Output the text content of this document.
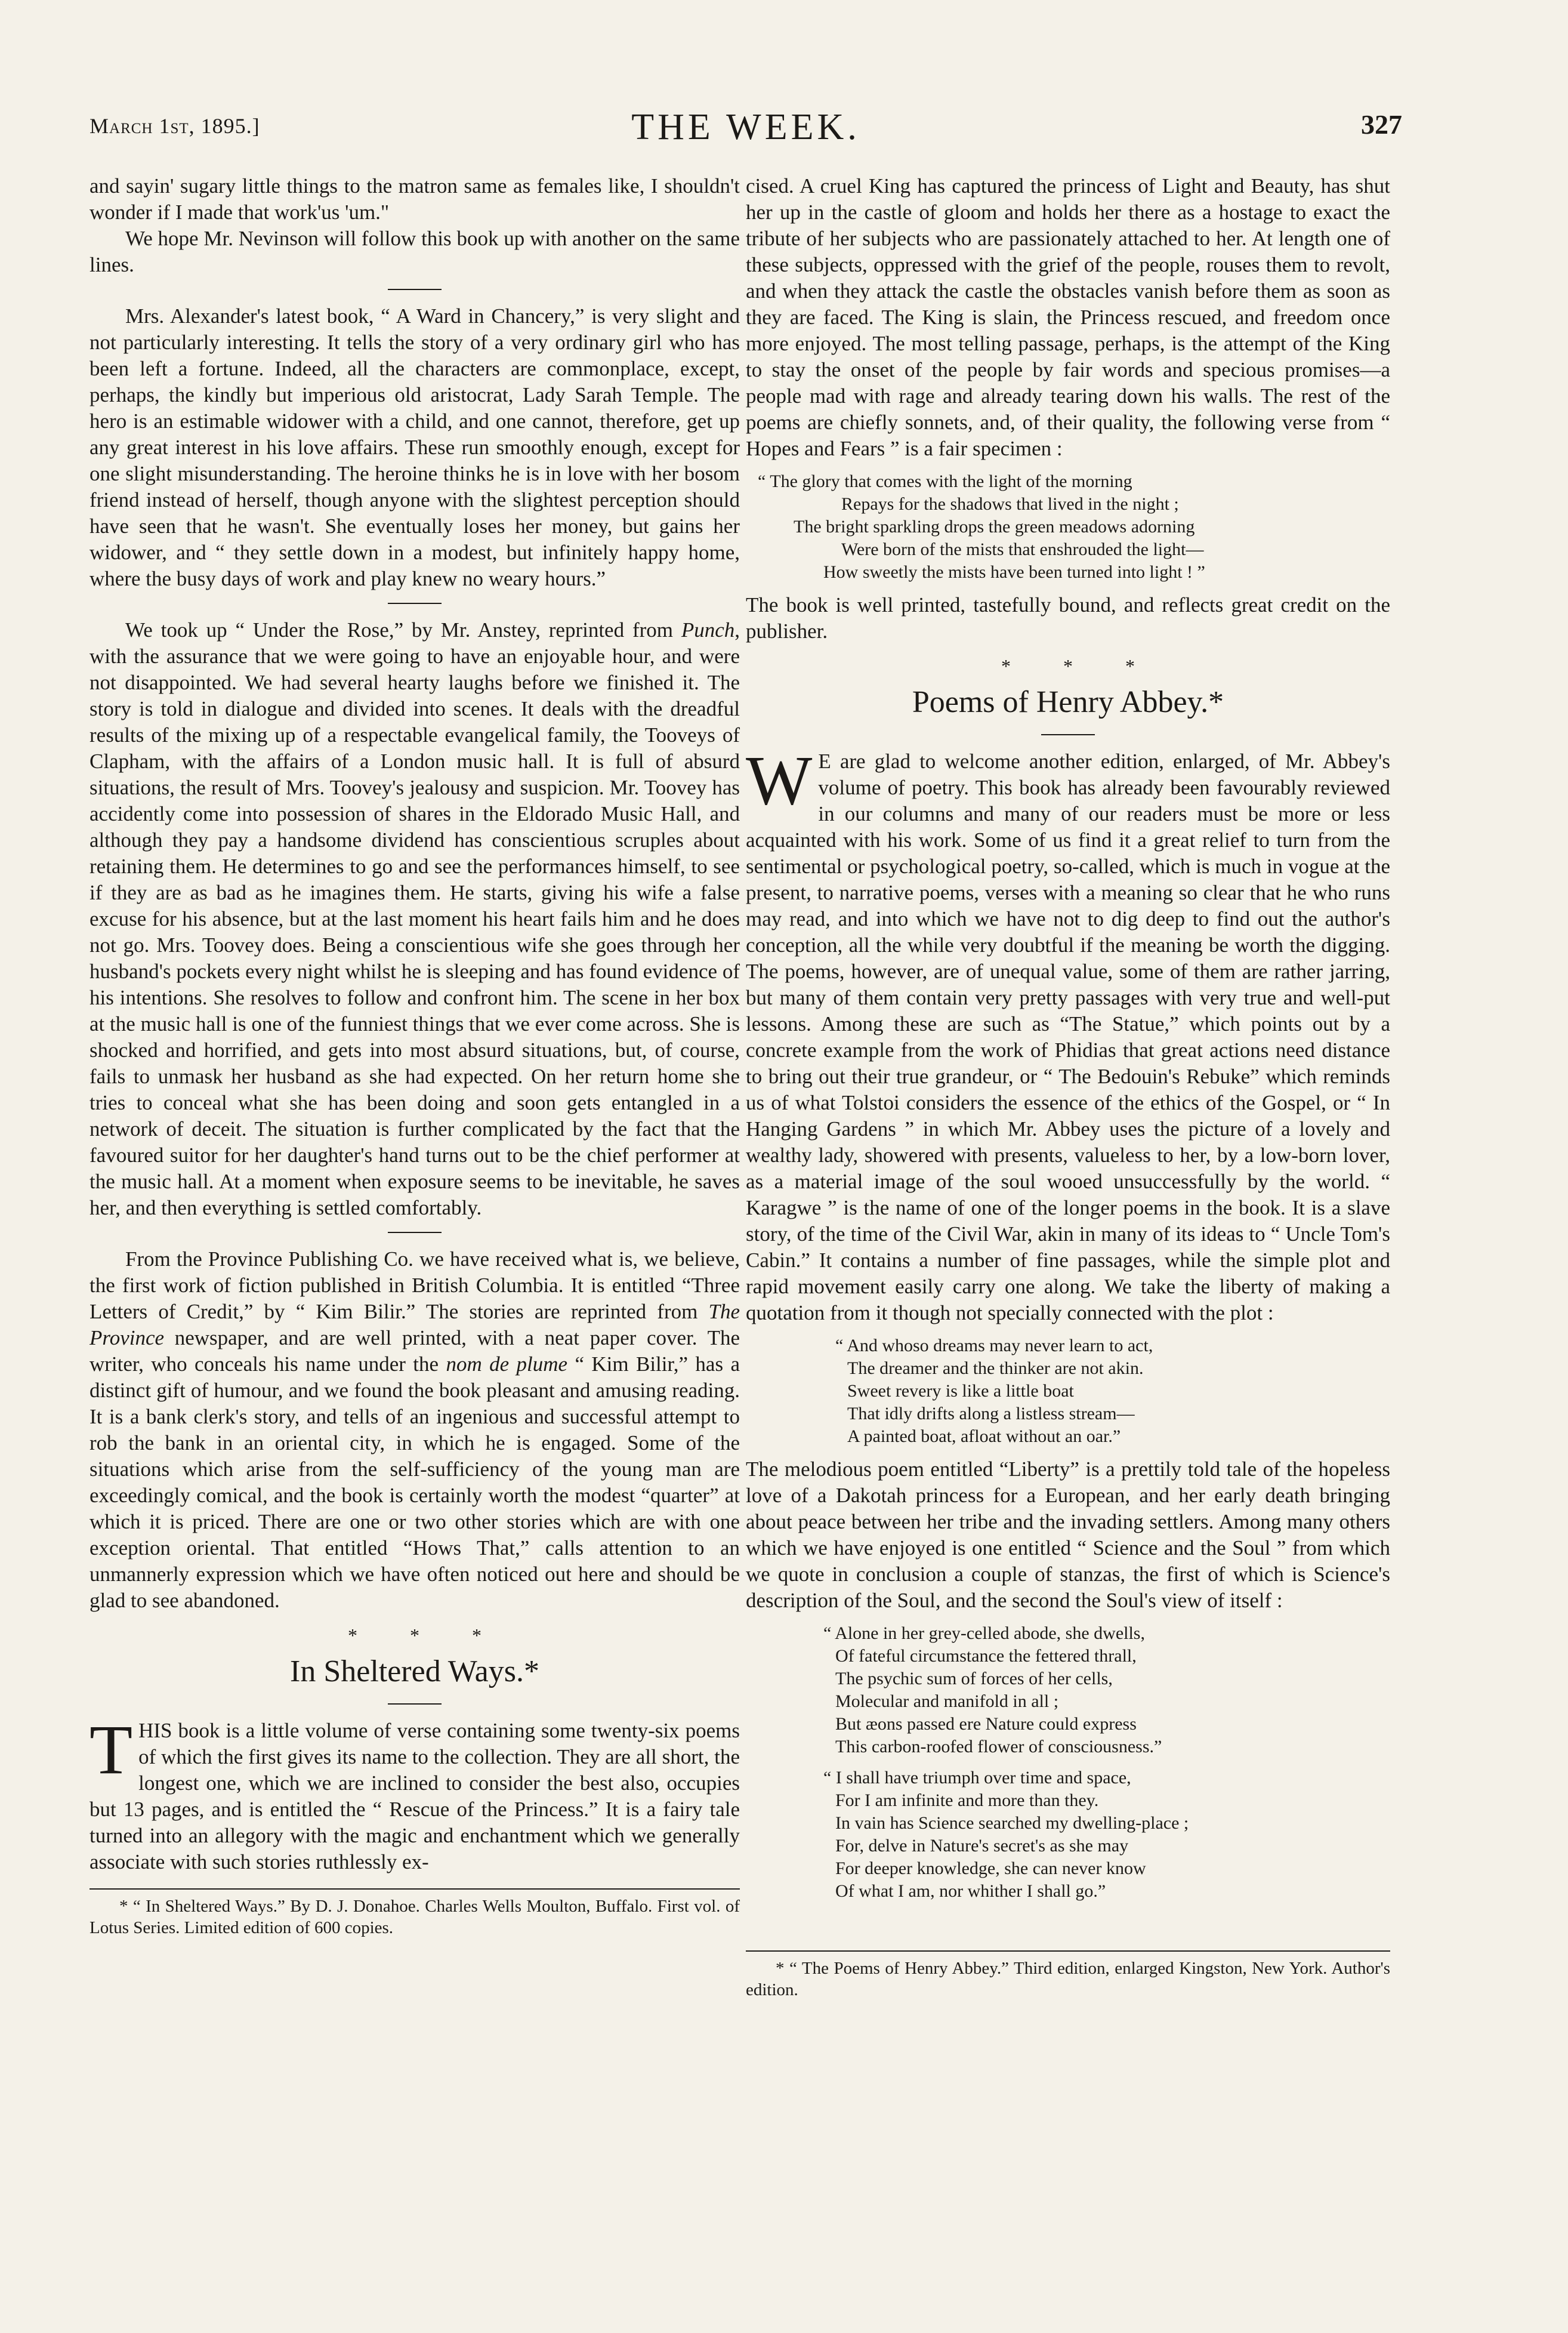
March 1st, 1895.]	THE WEEK.	327

and sayin' sugary little things to the matron same as females like, I shouldn't wonder if I made that work'us 'um."

We hope Mr. Nevinson will follow this book up with another on the same lines.

Mrs. Alexander's latest book, “ A Ward in Chancery,” is very slight and not particularly interesting. It tells the story of a very ordinary girl who has been left a fortune. Indeed, all the characters are commonplace, except, perhaps, the kindly but imperious old aristocrat, Lady Sarah Temple. The hero is an estimable widower with a child, and one cannot, therefore, get up any great interest in his love affairs. These run smoothly enough, except for one slight misunderstanding. The heroine thinks he is in love with her bosom friend instead of herself, though anyone with the slightest perception should have seen that he wasn't. She eventually loses her money, but gains her widower, and “ they settle down in a modest, but infinitely happy home, where the busy days of work and play knew no weary hours.”

We took up “ Under the Rose,” by Mr. Anstey, reprinted from Punch, with the assurance that we were going to have an enjoyable hour, and were not disappointed. We had several hearty laughs before we finished it. The story is told in dialogue and divided into scenes. It deals with the dreadful results of the mixing up of a respectable evangelical family, the Tooveys of Clapham, with the affairs of a London music hall. It is full of absurd situations, the result of Mrs. Toovey's jealousy and suspicion. Mr. Toovey has accidently come into possession of shares in the Eldorado Music Hall, and although they pay a handsome dividend has conscientious scruples about retaining them. He determines to go and see the performances himself, to see if they are as bad as he imagines them. He starts, giving his wife a false excuse for his absence, but at the last moment his heart fails him and he does not go. Mrs. Toovey does. Being a conscientious wife she goes through her husband's pockets every night whilst he is sleeping and has found evidence of his intentions. She resolves to follow and confront him. The scene in her box at the music hall is one of the funniest things that we ever come across. She is shocked and horrified, and gets into most absurd situations, but, of course, fails to unmask her husband as she had expected. On her return home she tries to conceal what she has been doing and soon gets entangled in a network of deceit. The situation is further complicated by the fact that the favoured suitor for her daughter's hand turns out to be the chief performer at the music hall. At a moment when exposure seems to be inevitable, he saves her, and then everything is settled comfortably.

From the Province Publishing Co. we have received what is, we believe, the first work of fiction published in British Columbia. It is entitled “Three Letters of Credit,” by “ Kim Bilir.” The stories are reprinted from The Province newspaper, and are well printed, with a neat paper cover. The writer, who conceals his name under the nom de plume “ Kim Bilir,” has a distinct gift of humour, and we found the book pleasant and amusing reading. It is a bank clerk's story, and tells of an ingenious and successful attempt to rob the bank in an oriental city, in which he is engaged. Some of the situations which arise from the self-sufficiency of the young man are exceedingly comical, and the book is certainly worth the modest “quarter” at which it is priced. There are one or two other stories which are with one exception oriental. That entitled “Hows That,” calls attention to an unmannerly expression which we have often noticed out here and should be glad to see abandoned.

* * *
In Sheltered Ways.*

THIS book is a little volume of verse containing some twenty-six poems of which the first gives its name to the collection. They are all short, the longest one, which we are inclined to consider the best also, occupies but 13 pages, and is entitled the “ Rescue of the Princess.” It is a fairy tale turned into an allegory with the magic and enchantment which we generally associate with such stories ruthlessly ex-

* “ In Sheltered Ways.” By D. J. Donahoe. Charles Wells Moulton, Buffalo. First vol. of Lotus Series. Limited edition of 600 copies.

cised. A cruel King has captured the princess of Light and Beauty, has shut her up in the castle of gloom and holds her there as a hostage to exact the tribute of her subjects who are passionately attached to her. At length one of these subjects, oppressed with the grief of the people, rouses them to revolt, and when they attack the castle the obstacles vanish before them as soon as they are faced. The King is slain, the Princess rescued, and freedom once more enjoyed. The most telling passage, perhaps, is the attempt of the King to stay the onset of the people by fair words and specious promises—a people mad with rage and already tearing down his walls. The rest of the poems are chiefly sonnets, and, of their quality, the following verse from “ Hopes and Fears ” is a fair specimen :

“ The glory that comes with the light of the morning
Repays for the shadows that lived in the night ;
The bright sparkling drops the green meadows adorning
Were born of the mists that enshrouded the light—
How sweetly the mists have been turned into light ! ”

The book is well printed, tastefully bound, and reflects great credit on the publisher.

* * *
Poems of Henry Abbey.*

W E are glad to welcome another edition, enlarged, of Mr. Abbey's volume of poetry. This book has already been favourably reviewed in our columns and many of our readers must be more or less acquainted with his work. Some of us find it a great relief to turn from the sentimental or psychological poetry, so-called, which is much in vogue at the present, to narrative poems, verses with a meaning so clear that he who runs may read, and into which we have not to dig deep to find out the author's conception, all the while very doubtful if the meaning be worth the digging. The poems, however, are of unequal value, some of them are rather jarring, but many of them contain very pretty passages with very true and well-put lessons. Among these are such as “The Statue,” which points out by a concrete example from the work of Phidias that great actions need distance to bring out their true grandeur, or “ The Bedouin's Rebuke” which reminds us of what Tolstoi considers the essence of the ethics of the Gospel, or “ In Hanging Gardens ” in which Mr. Abbey uses the picture of a lovely and wealthy lady, showered with presents, valueless to her, by a low-born lover, as a material image of the soul wooed unsuccessfully by the world. “ Karagwe ” is the name of one of the longer poems in the book. It is a slave story, of the time of the Civil War, akin in many of its ideas to “ Uncle Tom's Cabin.” It contains a number of fine passages, while the simple plot and rapid movement easily carry one along. We take the liberty of making a quotation from it though not specially connected with the plot :

“ And whoso dreams may never learn to act,
The dreamer and the thinker are not akin.
Sweet revery is like a little boat
That idly drifts along a listless stream—
A painted boat, afloat without an oar.”

The melodious poem entitled “Liberty” is a prettily told tale of the hopeless love of a Dakotah princess for a European, and her early death bringing about peace between her tribe and the invading settlers. Among many others which we have enjoyed is one entitled “ Science and the Soul ” from which we quote in conclusion a couple of stanzas, the first of which is Science's description of the Soul, and the second the Soul's view of itself :

“ Alone in her grey-celled abode, she dwells,
Of fateful circumstance the fettered thrall,
The psychic sum of forces of her cells,
Molecular and manifold in all ;
But æons passed ere Nature could express
This carbon-roofed flower of consciousness.”
“ I shall have triumph over time and space,
For I am infinite and more than they.
In vain has Science searched my dwelling-place ;
For, delve in Nature's secret's as she may
For deeper knowledge, she can never know
Of what I am, nor whither I shall go.”
* “ The Poems of Henry Abbey.” Third edition, enlarged Kingston, New York. Author's edition.
